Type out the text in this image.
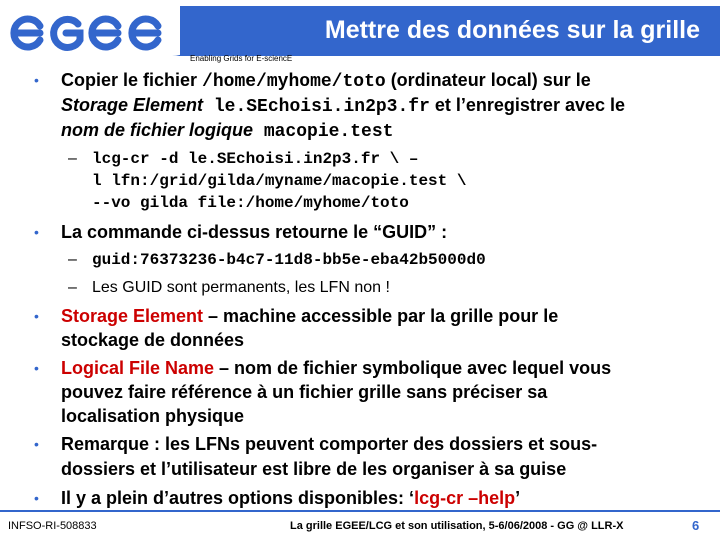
Mettre des données sur la grille
Enabling Grids for E-sciencE
• Copier le fichier /home/myhome/toto (ordinateur local) sur le
Storage Element le.SEchoisi.in2p3.fr et l’enregistrer avec le
nom de fichier logique macopie.test
– lcg-cr -d le.SEchoisi.in2p3.fr \ –
l lfn:/grid/gilda/myname/macopie.test \
--vo gilda file:/home/myhome/toto
• La commande ci-dessus retourne le “GUID” :
– guid:76373236-b4c7-11d8-bb5e-eba42b5000d0
– Les GUID sont permanents, les LFN non !
• Storage Element – machine accessible par la grille pour le
stockage de données
• Logical File Name – nom de fichier symbolique avec lequel vous
pouvez faire référence à un fichier grille sans préciser sa
localisation physique
• Remarque : les LFNs peuvent comporter des dossiers et sous-
dossiers et l’utilisateur est libre de les organiser à sa guise
• Il y a plein d’autres options disponibles: ‘lcg-cr –help’
INFSO-RI-508833	La grille EGEE/LCG et son utilisation, 5-6/06/2008 - GG @ LLR-X	6
